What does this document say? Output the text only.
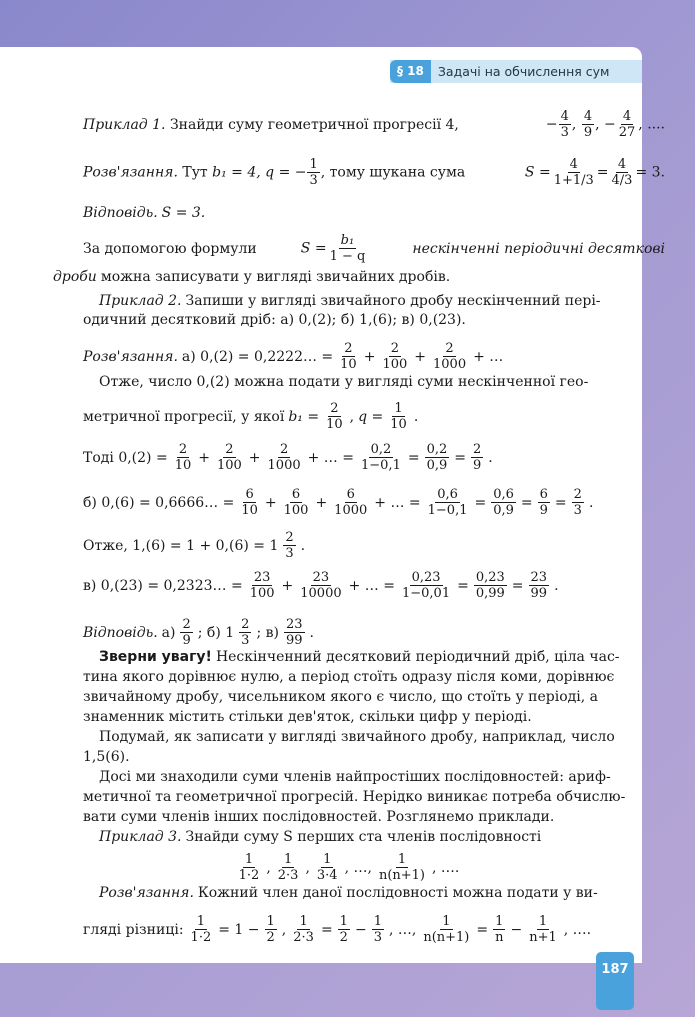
§ 18	Задачі на обчислення сум
187
Приклад 1. Знайди суму геометричної прогресії 4,	− $\frac{4}{3}$ , $\frac{4}{9}$ , − $\frac{4}{27}$ , ....
Розв'язання. Тут b₁ = 4, q = − $\frac{1}{3}$ , тому шукана сума	$S = \frac{4}{1+1/3} = \frac{4}{4/3} = 3$.
Відповідь. S = 3.
За допомогою формули	$S = \frac{\text{b₁}}{1 - q}$	нескінченні періодичні десяткові
дроби можна записувати у вигляді звичайних дробів.
Приклад 2. Запиши у вигляді звичайного дробу нескінченний пері-
одичний десятковий дріб: а) 0,(2); б) 1,(6); в) 0,(23).
Розв'язання. а) 0,(2) = 0,2222… = $\frac{2}{10} + 2$
100 + 2
1000 + …
Отже, число 0,(2) можна подати у вигляді суми нескінченної гео-
метричної прогресії, у якої $b_1 = \frac{2}{10}$ , $q = \frac{1}{10}$ .
Тоді $0,(2) = \frac{2}{10} + 2$
100 + 2
1000 + … = 0,2
1−0,1 = 0,2
0,9 = 2
9 .
б) 0,(6) = 0,6666… = $\frac{6}{10} + 6$
100 + 6
1000 + … = 0,6
1−0,1 = 0,6
0,9 = 6
9 = 2
3 .
Отже, 1,(6) = 1 + 0,(6) = 1 2
3 .
в) 0,(23) = 0,2323… = $\frac{23}{100} + 23$
10000 + … = 0,23
1−0,01 = 0,23
0,99 = 23
99 .
Відповідь. а) 2
9 ; б) 1 2
3 ; в) 23
99 .
Зверни увагу! Нескінченний десятковий періодичний дріб, ціла час-
тина якого дорівнює нулю, а період стоїть одразу після коми, дорівнює
звичайному дробу, чисельником якого є число, що стоїть у періоді, а
знаменник містить стільки дев'яток, скільки цифр у періоді.
Подумай, як записати у вигляді звичайного дробу, наприклад, число
1,5(6).
Досі ми знаходили суми членів найпростіших послідовностей: ариф-
метичної та геометричної прогресій. Нерідко виникає потреба обчислю-
вати суми членів інших послідовностей. Розглянемо приклади.
Приклад 3. Знайди суму S перших ста членів послідовності
1
1·2 , 1
2·3 , 1
3·4 , …, 1
n(n+1) , ….
Розв'язання. Кожний член даної послідовності можна подати у ви-
гляді різниці: 1
1·2 = 1 − 1
2 , 1
2·3 = 1
2 − 1
3 , …, 1
n(n+1) = 1
n − 1
n+1 , ….
